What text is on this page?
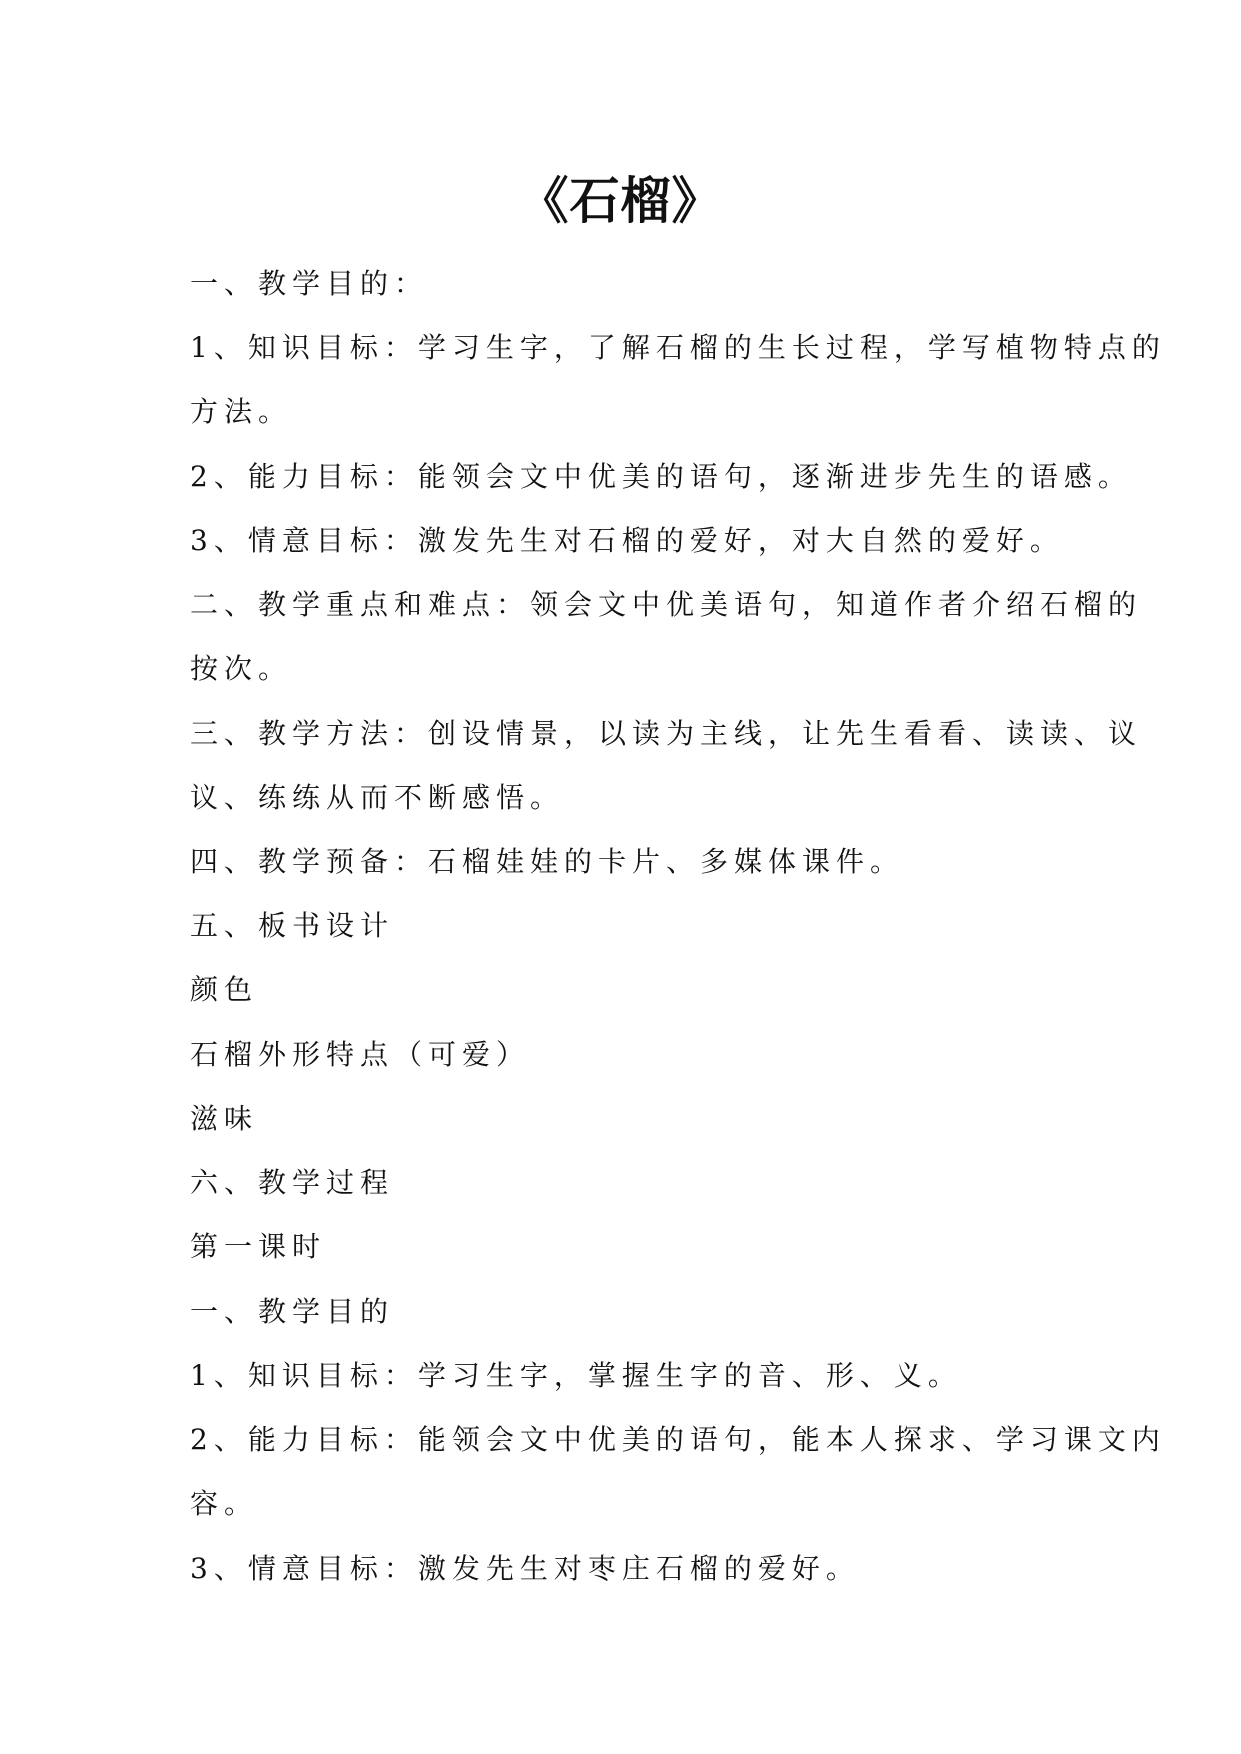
《石榴》
一、教学目的：
1、知识目标：学习生字，了解石榴的生长过程，学写植物特点的
方法。
2、能力目标：能领会文中优美的语句，逐渐进步先生的语感。
3、情意目标：激发先生对石榴的爱好，对大自然的爱好。
二、教学重点和难点：领会文中优美语句，知道作者介绍石榴的
按次。
三、教学方法：创设情景，以读为主线，让先生看看、读读、议
议、练练从而不断感悟。
四、教学预备：石榴娃娃的卡片、多媒体课件。
五、板书设计
颜色
石榴外形特点（可爱）
滋味
六、教学过程
第一课时
一、教学目的
1、知识目标：学习生字，掌握生字的音、形、义。
2、能力目标：能领会文中优美的语句，能本人探求、学习课文内
容。
3、情意目标：激发先生对枣庄石榴的爱好。
